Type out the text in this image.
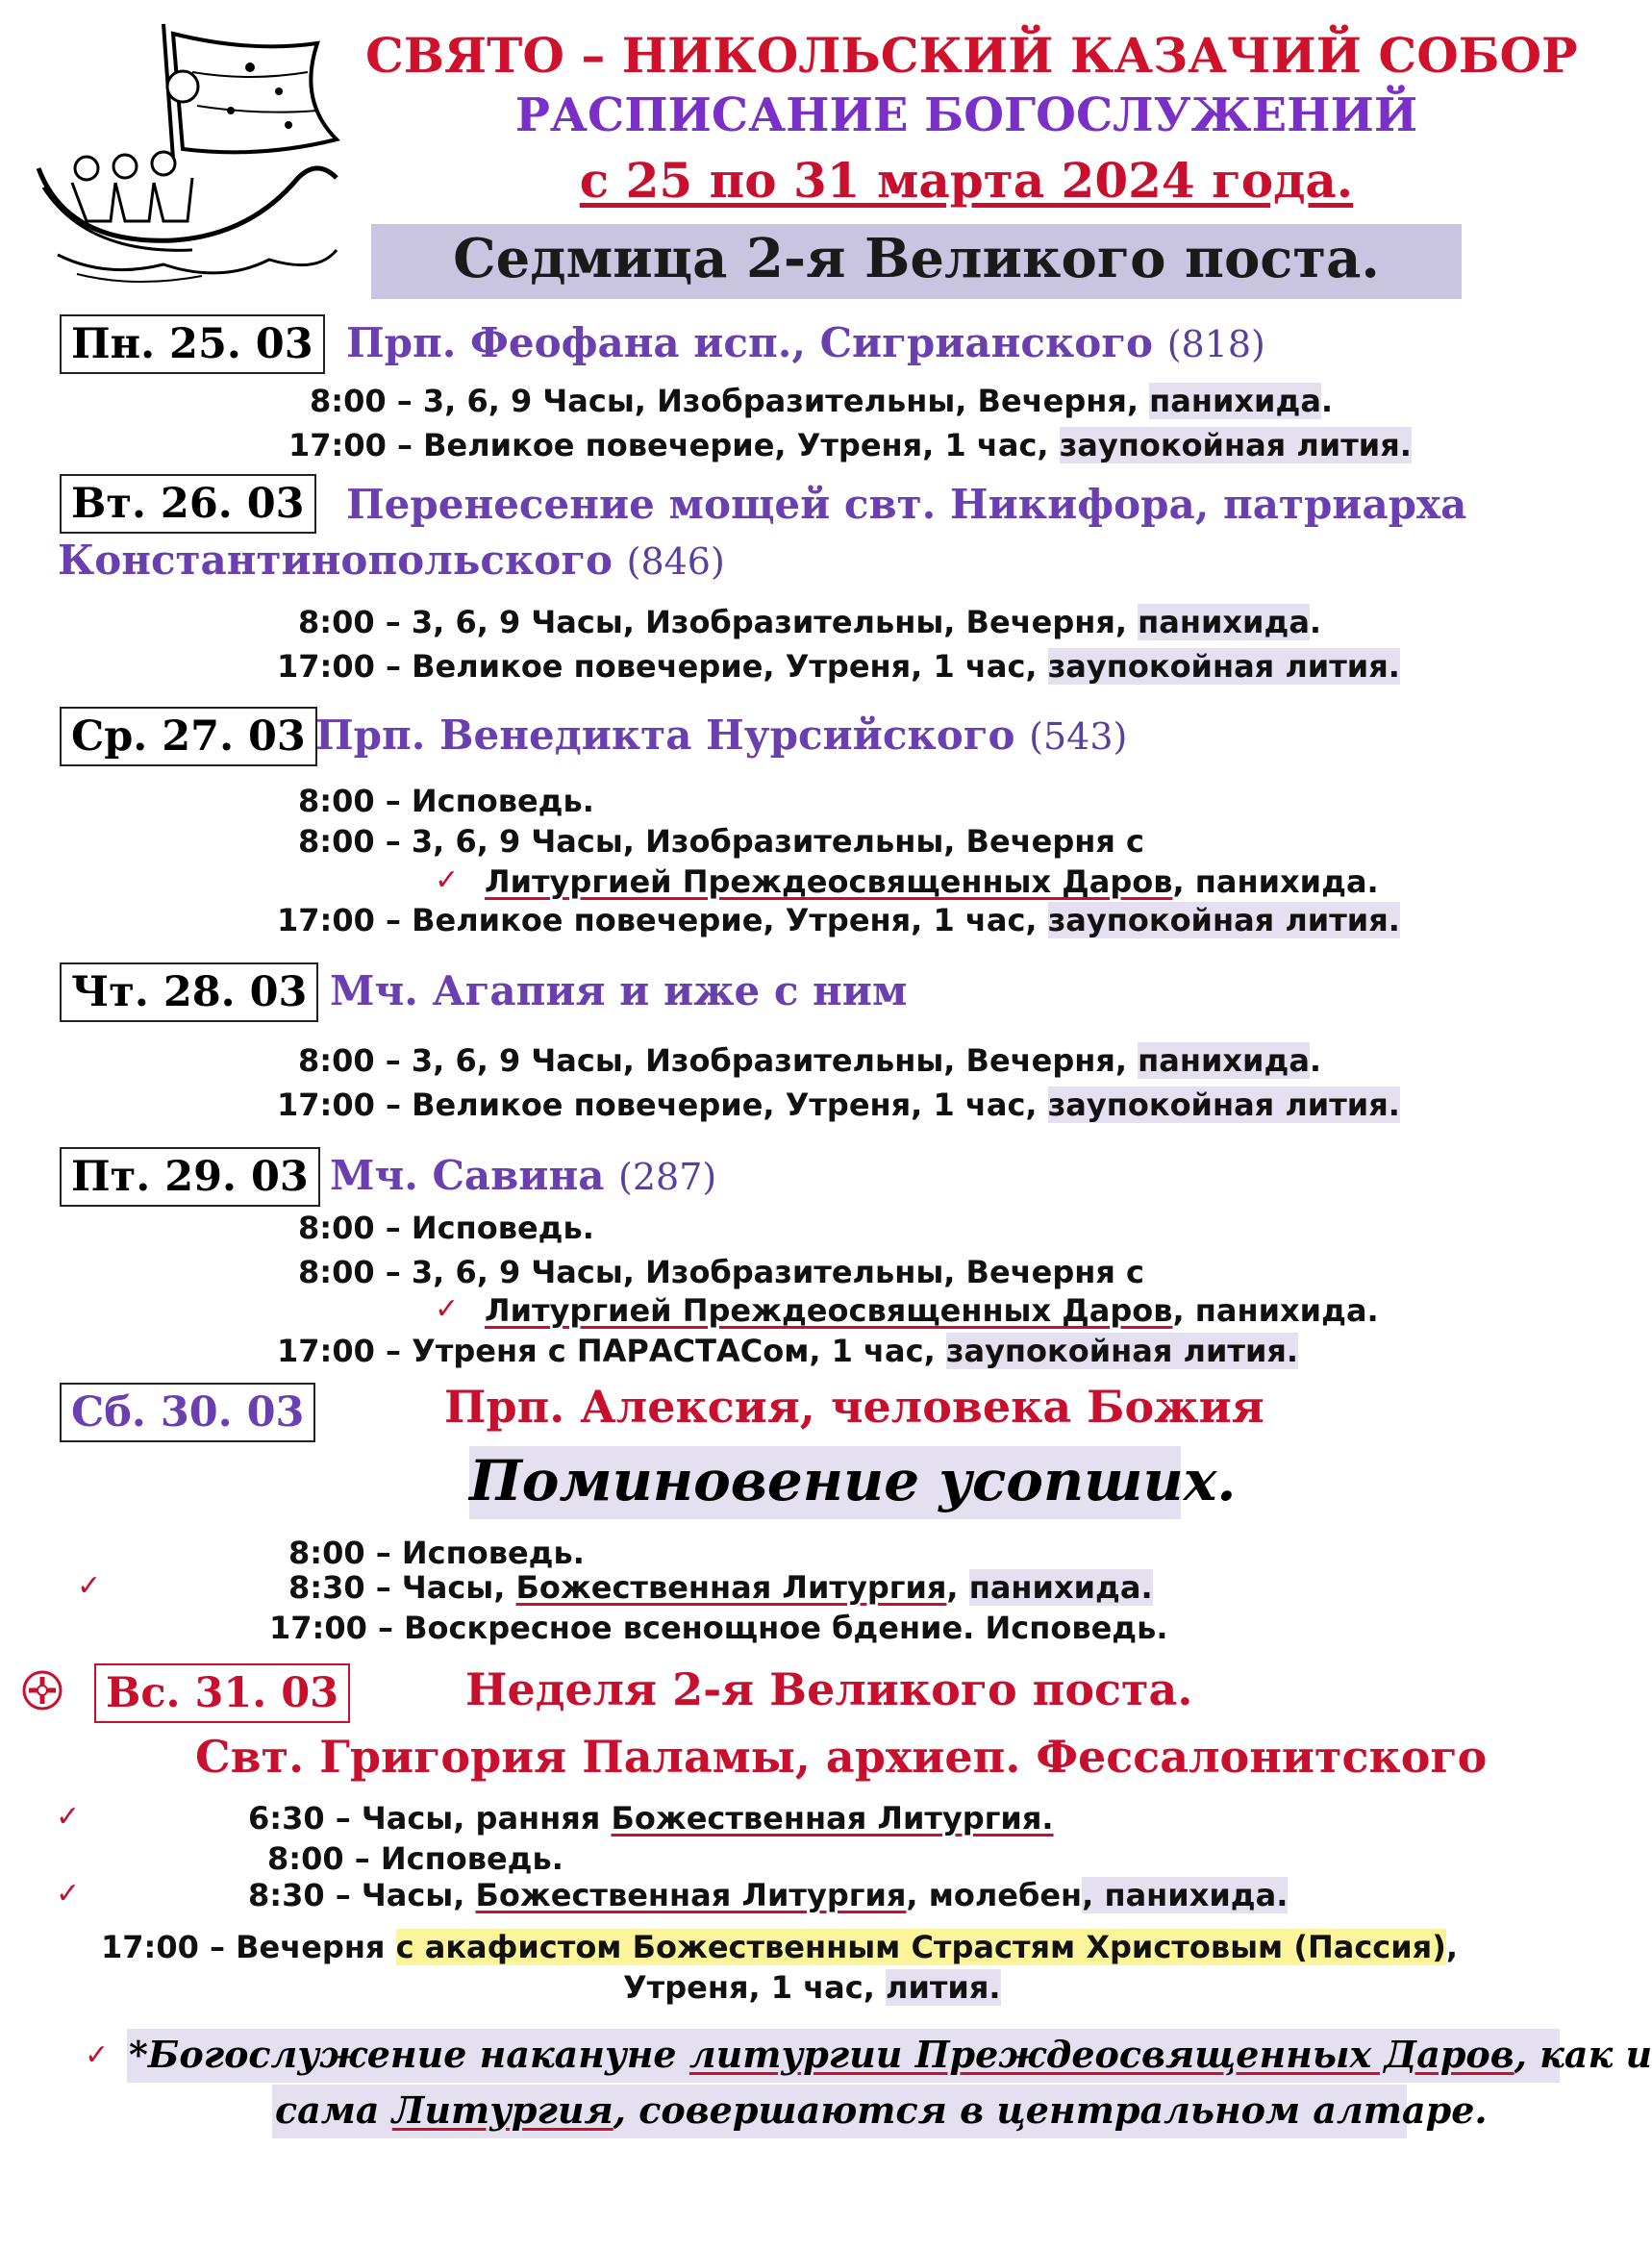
СВЯТО – НИКОЛЬСКИЙ КАЗАЧИЙ СОБОР
РАСПИСАНИЕ БОГОСЛУЖЕНИЙ
с 25 по 31 марта 2024 года.
Седмица 2-я Великого поста.
Пн. 25. 03 Прп. Феофана исп., Сигрианского (818)
8:00 – 3, 6, 9 Часы, Изобразительны, Вечерня, панихида.
17:00 – Великое повечерие, Утреня, 1 час, заупокойная лития.
Вт. 26. 03 Перенесение мощей свт. Никифора, патриарха
Константинопольского (846)
8:00 – 3, 6, 9 Часы, Изобразительны, Вечерня, панихида.
17:00 – Великое повечерие, Утреня, 1 час, заупокойная лития.
Ср. 27. 03 Прп. Венедикта Нурсийского (543)
8:00 – Исповедь.
8:00 – 3, 6, 9 Часы, Изобразительны, Вечерня с
✓ Литургией Преждеосвященных Даров, панихида.
17:00 – Великое повечерие, Утреня, 1 час, заупокойная лития.
Чт. 28. 03 Мч. Агапия и иже с ним
8:00 – 3, 6, 9 Часы, Изобразительны, Вечерня, панихида.
17:00 – Великое повечерие, Утреня, 1 час, заупокойная лития.
Пт. 29. 03 Мч. Савина (287)
8:00 – Исповедь.
8:00 – 3, 6, 9 Часы, Изобразительны, Вечерня с
✓ Литургией Преждеосвященных Даров, панихида.
17:00 – Утреня с ПАРАСТАСом, 1 час, заупокойная лития.
Сб. 30. 03	Прп. Алексия, человека Божия
Поминовение усопших.
8:00 – Исповедь.
✓	8:30 – Часы, Божественная Литургия, панихида.
17:00 – Воскресное всенощное бдение. Исповедь.
Вс. 31. 03	Неделя 2-я Великого поста.
Свт. Григория Паламы, архиеп. Фессалонитского
✓	6:30 – Часы, ранняя Божественная Литургия.
8:00 – Исповедь.
✓	8:30 – Часы, Божественная Литургия, молебен, панихида.
17:00 – Вечерня с акафистом Божественным Страстям Христовым (Пассия),
Утреня, 1 час, лития.
✓ *Богослужение накануне литургии Преждеосвященных Даров, как и
сама Литургия, совершаются в центральном алтаре.
